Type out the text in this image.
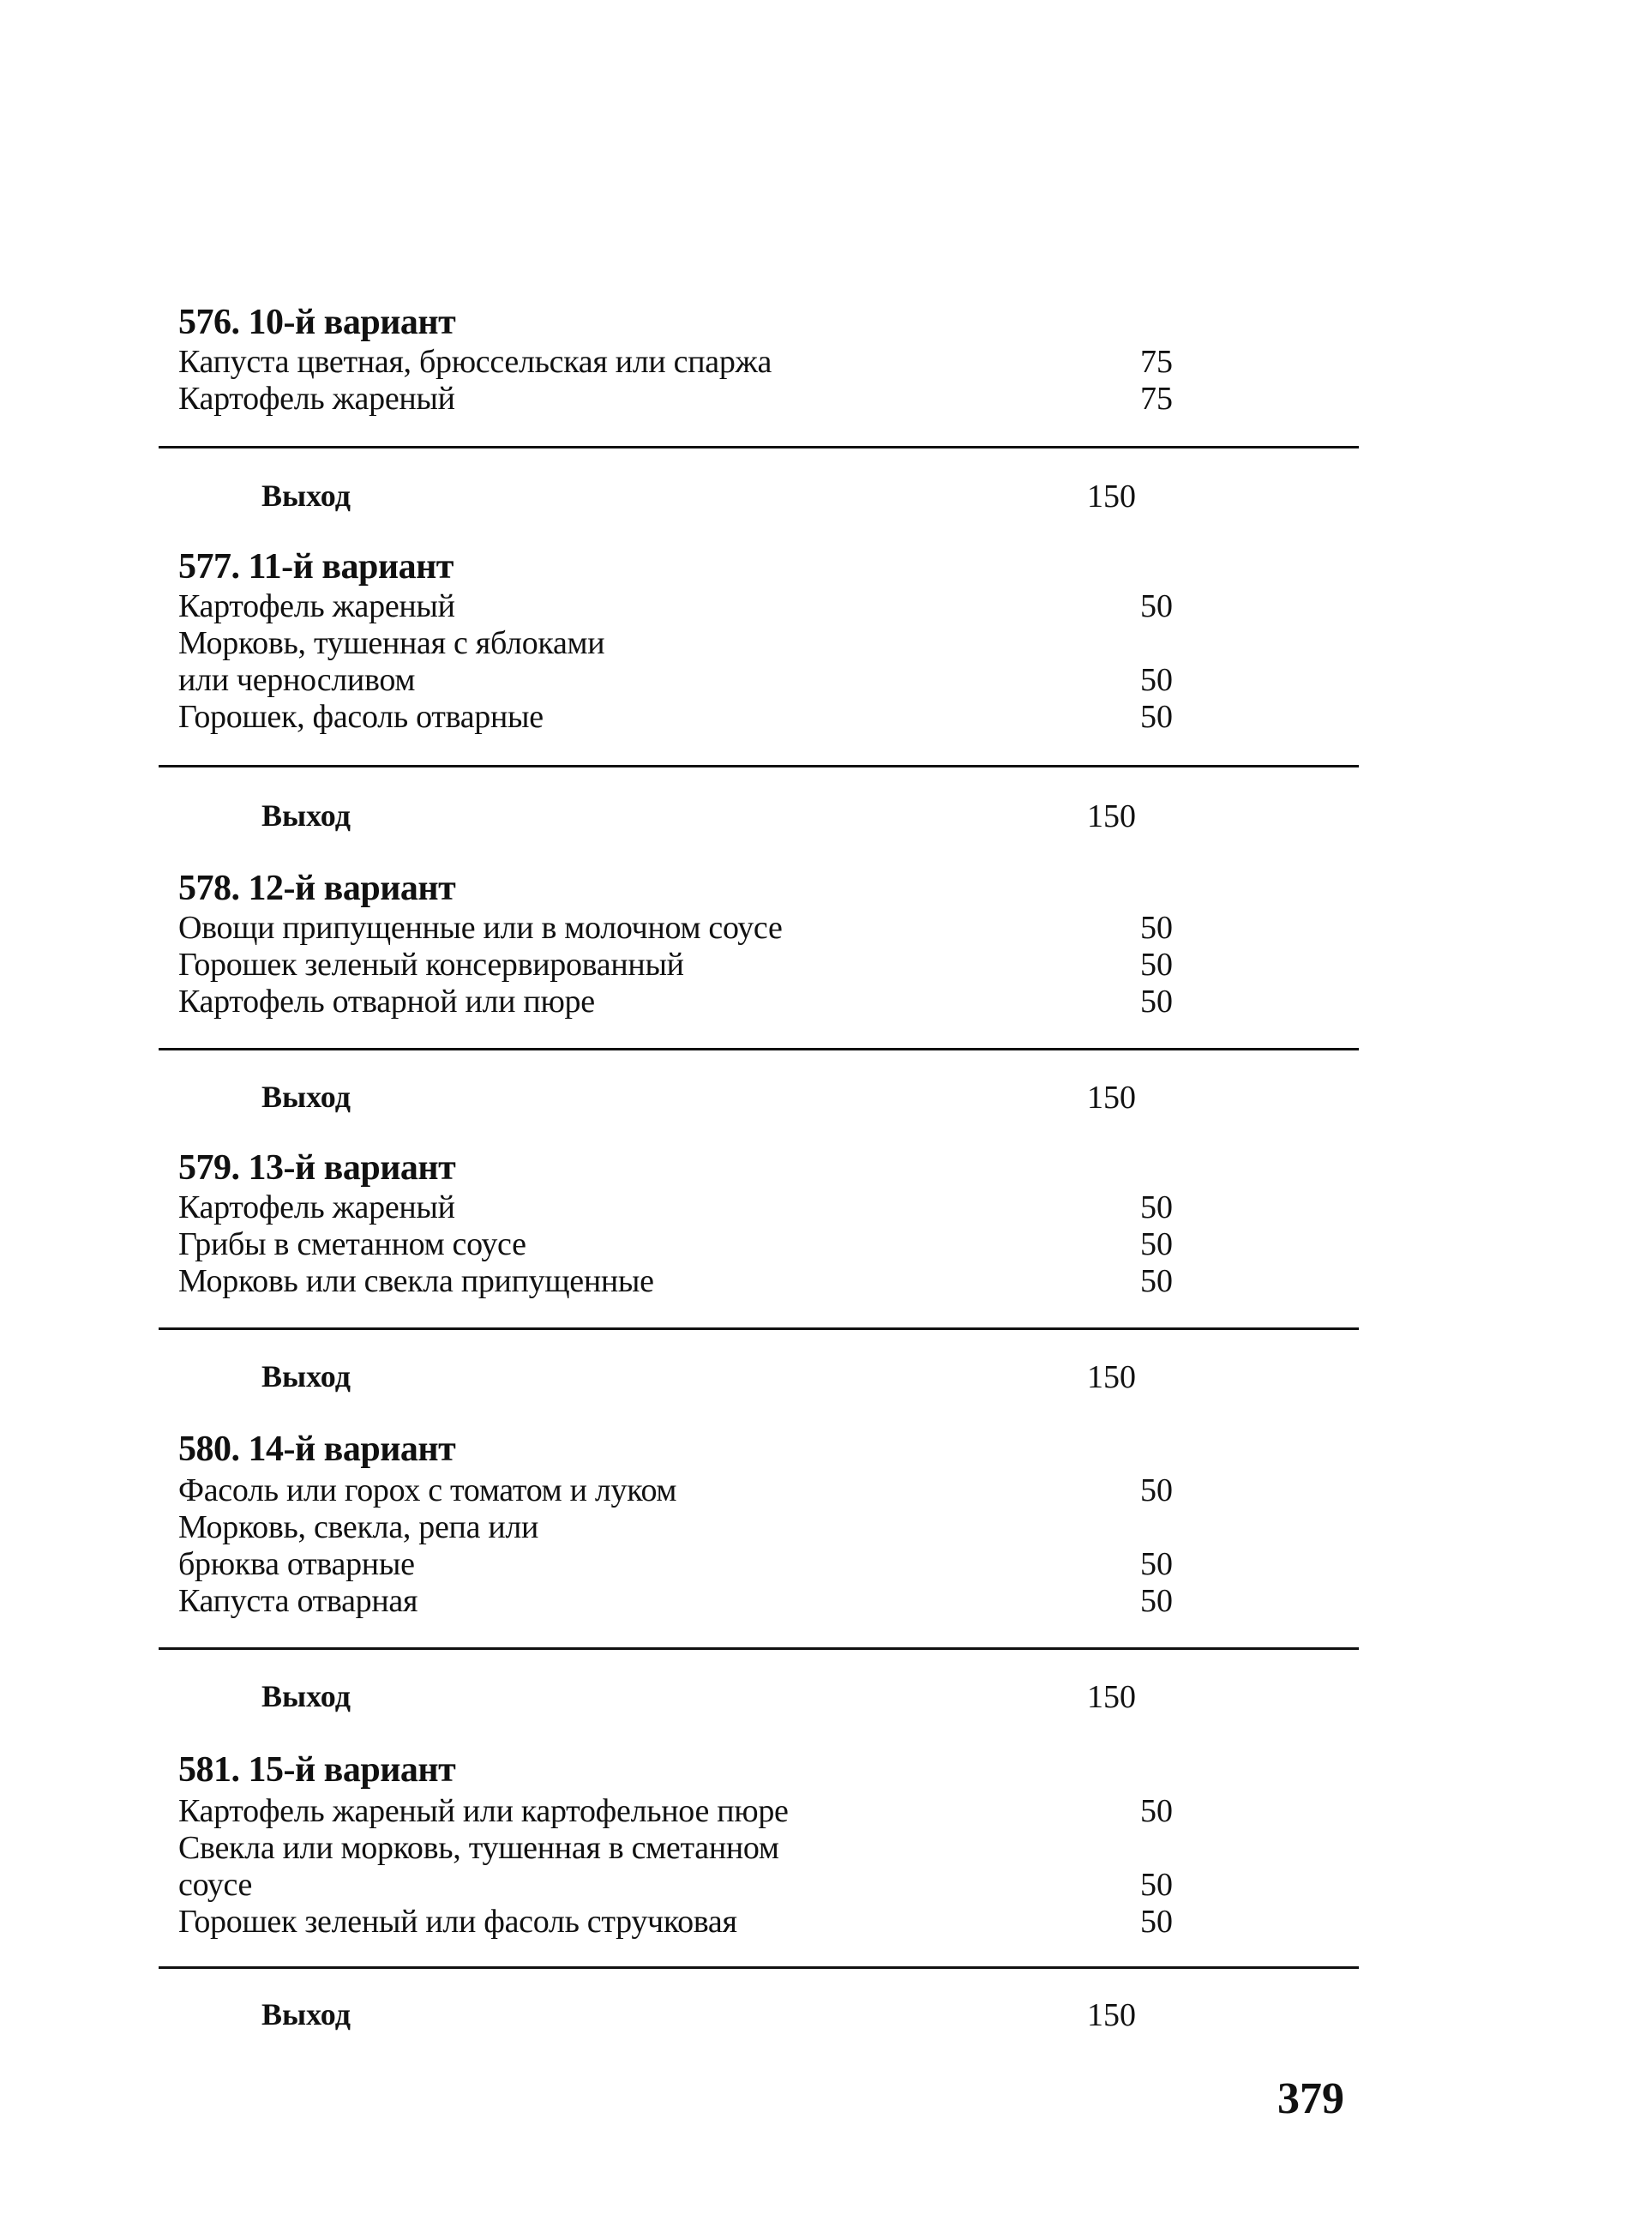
576. 10-й вариант
Капуста цветная, брюссельская или спаржа	75
Картофель жареный	75
Выход	150
577. 11-й вариант
Картофель жареный	50
Морковь, тушенная с яблоками
или черносливом	50
Горошек, фасоль отварные	50
Выход	150
578. 12-й вариант
Овощи припущенные или в молочном соусе	50
Горошек зеленый консервированный	50
Картофель отварной или пюре	50
Выход	150
579. 13-й вариант
Картофель жареный	50
Грибы в сметанном соусе	50
Морковь или свекла припущенные	50
Выход	150
580. 14-й вариант
Фасоль или горох с томатом и луком	50
Морковь, свекла, репа или
брюква отварные	50
Капуста отварная	50
Выход	150
581. 15-й вариант
Картофель жареный или картофельное пюре	50
Свекла или морковь, тушенная в сметанном
соусе	50
Горошек зеленый или фасоль стручковая	50
Выход	150
379
